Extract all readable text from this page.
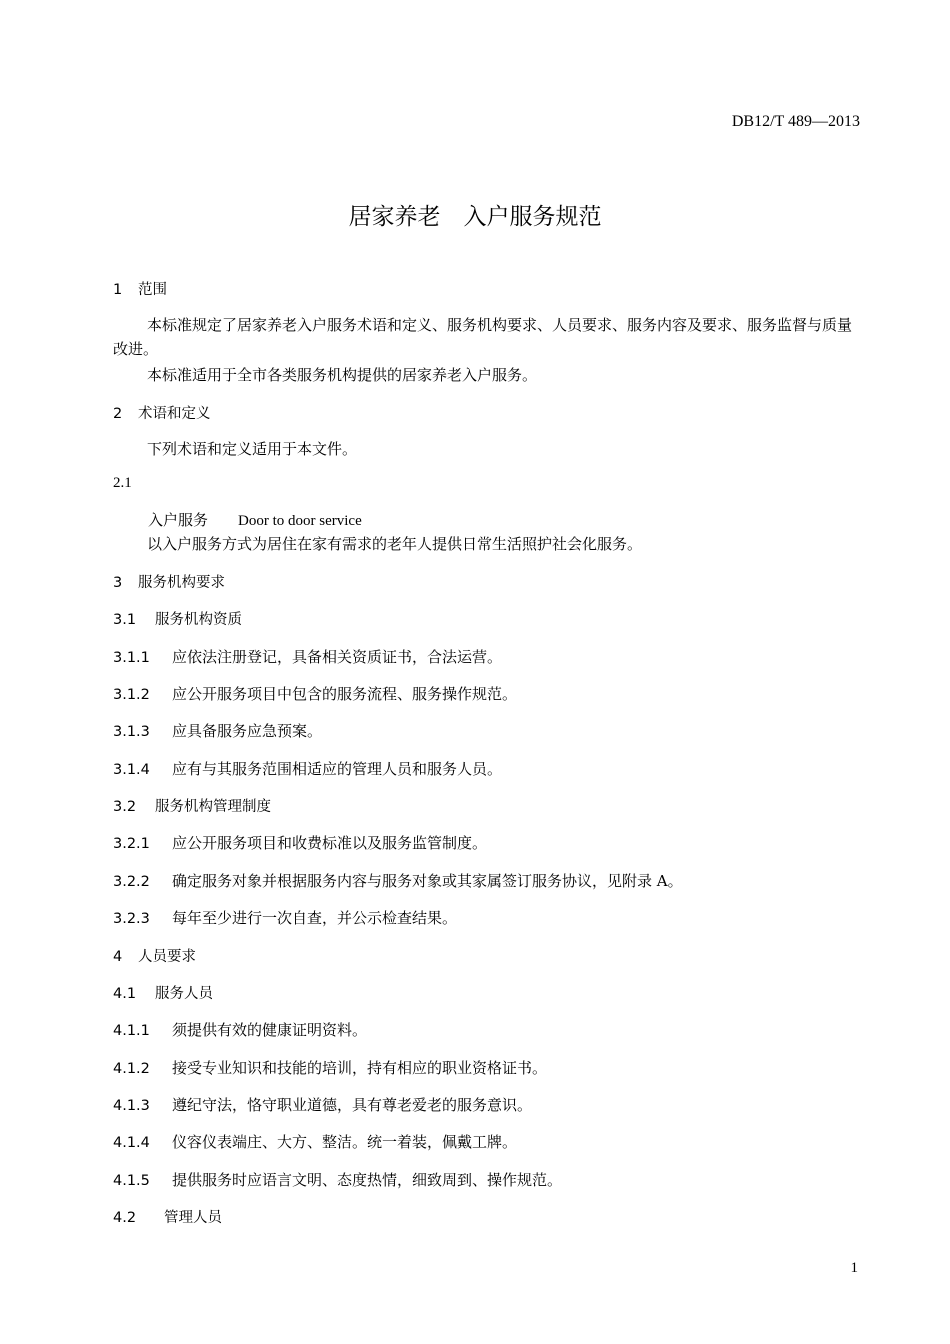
DB12/T 489—2013
居家养老　入户服务规范
1 范围
本标准规定了居家养老入户服务术语和定义、服务机构要求、人员要求、服务内容及要求、服务监督与质量改进。
本标准适用于全市各类服务机构提供的居家养老入户服务。
2 术语和定义
下列术语和定义适用于本文件。
2.1
入户服务 Door to door service
以入户服务方式为居住在家有需求的老年人提供日常生活照护社会化服务。
3 服务机构要求
3.1 服务机构资质
3.1.1 应依法注册登记，具备相关资质证书，合法运营。
3.1.2 应公开服务项目中包含的服务流程、服务操作规范。
3.1.3 应具备服务应急预案。
3.1.4 应有与其服务范围相适应的管理人员和服务人员。
3.2 服务机构管理制度
3.2.1 应公开服务项目和收费标准以及服务监管制度。
3.2.2 确定服务对象并根据服务内容与服务对象或其家属签订服务协议，见附录 A。
3.2.3 每年至少进行一次自查，并公示检查结果。
4 人员要求
4.1 服务人员
4.1.1 须提供有效的健康证明资料。
4.1.2 接受专业知识和技能的培训，持有相应的职业资格证书。
4.1.3 遵纪守法，恪守职业道德，具有尊老爱老的服务意识。
4.1.4 仪容仪表端庄、大方、整洁。统一着装，佩戴工牌。
4.1.5 提供服务时应语言文明、态度热情，细致周到、操作规范。
4.2 管理人员
1
